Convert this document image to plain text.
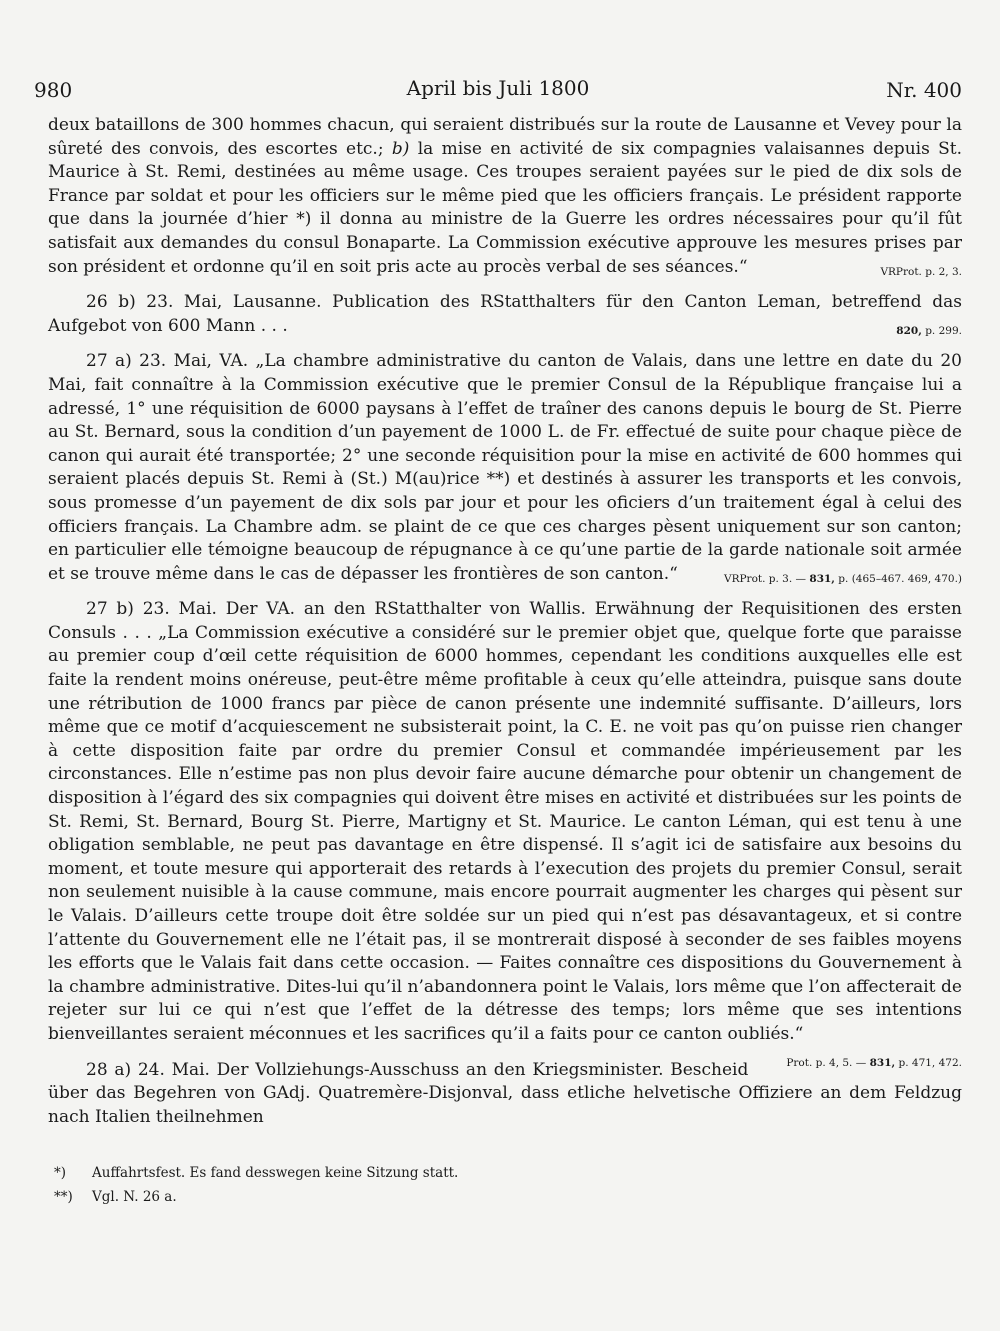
980	April bis Juli 1800	Nr. 400

deux bataillons de 300 hommes chacun, qui seraient distribués sur la route de Lausanne et Vevey pour la sûreté des convois, des escortes etc.; b) la mise en activité de six compagnies valaisannes depuis St. Maurice à St. Remi, destinées au même usage. Ces troupes seraient payées sur le pied de dix sols de France par soldat et pour les officiers sur le même pied que les officiers français. Le président rapporte que dans la journée d’hier *) il donna au ministre de la Guerre les ordres nécessaires pour qu’il fût satisfait aux demandes du consul Bonaparte. La Commission exécutive approuve les mesures prises par son président et ordonne qu’il en soit pris acte au procès verbal de ses séances.“	VRProt. p. 2, 3.

26 b) 23. Mai, Lausanne. Publication des RStatthalters für den Canton Leman, betreffend das Aufgebot von 600 Mann . . .	820, p. 299.

27 a) 23. Mai, VA. „La chambre administrative du canton de Valais, dans une lettre en date du 20 Mai, fait connaître à la Commission exécutive que le premier Consul de la République française lui a adressé, 1° une réquisition de 6000 paysans à l’effet de traîner des canons depuis le bourg de St. Pierre au St. Bernard, sous la condition d’un payement de 1000 L. de Fr. effectué de suite pour chaque pièce de canon qui aurait été transportée; 2° une seconde réquisition pour la mise en activité de 600 hommes qui seraient placés depuis St. Remi à (St.) M(au)rice **) et destinés à assurer les transports et les convois, sous promesse d’un payement de dix sols par jour et pour les oficiers d’un traitement égal à celui des officiers français. La Chambre adm. se plaint de ce que ces charges pèsent uniquement sur son canton; en particulier elle témoigne beaucoup de répugnance à ce qu’une partie de la garde nationale soit armée et se trouve même dans le cas de dépasser les frontières de son canton.“	VRProt. p. 3. — 831, p. (465–467. 469, 470.)

27 b) 23. Mai. Der VA. an den RStatthalter von Wallis. Erwähnung der Requisitionen des ersten Consuls . . . „La Commission exécutive a considéré sur le premier objet que, quelque forte que paraisse au premier coup d’œil cette réquisition de 6000 hommes, cependant les conditions auxquelles elle est faite la rendent moins onéreuse, peut-être même profitable à ceux qu’elle atteindra, puisque sans doute une rétribution de 1000 francs par pièce de canon présente une indemnité suffisante. D’ailleurs, lors même que ce motif d’acquiescement ne subsisterait point, la C. E. ne voit pas qu’on puisse rien changer à cette disposition faite par ordre du premier Consul et commandée impérieusement par les circonstances. Elle n’estime pas non plus devoir faire aucune démarche pour obtenir un changement de disposition à l’égard des six compagnies qui doivent être mises en activité et distribuées sur les points de St. Remi, St. Bernard, Bourg St. Pierre, Martigny et St. Maurice. Le canton Léman, qui est tenu à une obligation semblable, ne peut pas davantage en être dispensé. Il s’agit ici de satisfaire aux besoins du moment, et toute mesure qui apporterait des retards à l’execution des projets du premier Consul, serait non seulement nuisible à la cause commune, mais encore pourrait augmenter les charges qui pèsent sur le Valais. D’ailleurs cette troupe doit être soldée sur un pied qui n’est pas désavantageux, et si contre l’attente du Gouvernement elle ne l’était pas, il se montrerait disposé à seconder de ses faibles moyens les efforts que le Valais fait dans cette occasion. — Faites connaître ces dispositions du Gouvernement à la chambre administrative. Dites-lui qu’il n’abandonnera point le Valais, lors même que l’on affecterait de rejeter sur lui ce qui n’est que l’effet de la détresse des temps; lors même que ses intentions bienveillantes seraient méconnues et les sacrifices qu’il a faits pour ce canton oubliés.“
Prot. p. 4, 5. — 831, p. 471, 472.

28 a) 24. Mai. Der Vollziehungs-Ausschuss an den Kriegsminister. Bescheid über das Begehren von GAdj. Quatremère-Disjonval, dass etliche helvetische Offiziere an dem Feldzug nach Italien theilnehmen

*) Auffahrtsfest. Es fand desswegen keine Sitzung statt.
**) Vgl. N. 26 a.
